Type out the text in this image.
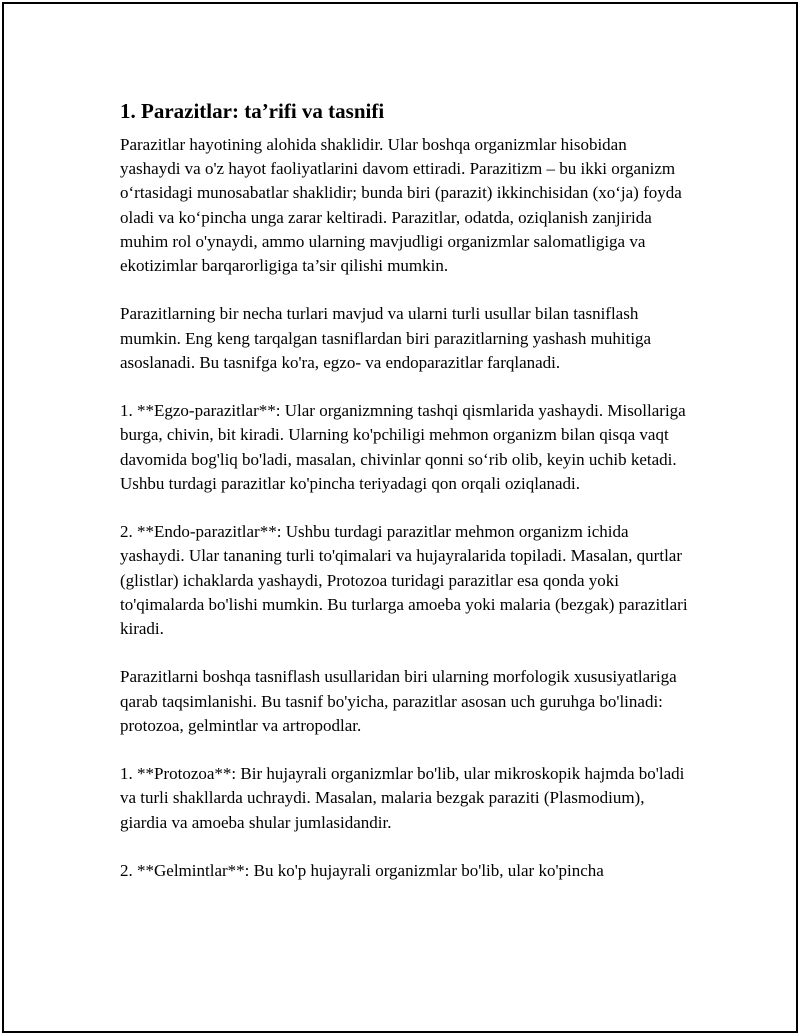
1. Parazitlar: ta’rifi va tasnifi

Parazitlar hayotining alohida shaklidir. Ular boshqa organizmlar hisobidan yashaydi va o'z hayot faoliyatlarini davom ettiradi. Parazitizm – bu ikki organizm o‘rtasidagi munosabatlar shaklidir; bunda biri (parazit) ikkinchisidan (xo‘ja) foyda oladi va ko‘pincha unga zarar keltiradi. Parazitlar, odatda, oziqlanish zanjirida muhim rol o'ynaydi, ammo ularning mavjudligi organizmlar salomatligiga va ekotizimlar barqarorligiga ta’sir qilishi mumkin.

Parazitlarning bir necha turlari mavjud va ularni turli usullar bilan tasniflash mumkin. Eng keng tarqalgan tasniflardan biri parazitlarning yashash muhitiga asoslanadi. Bu tasnifga ko'ra, egzo- va endoparazitlar farqlanadi.

1. **Egzo-parazitlar**: Ular organizmning tashqi qismlarida yashaydi. Misollariga burga, chivin, bit kiradi. Ularning ko'pchiligi mehmon organizm bilan qisqa vaqt davomida bog'liq bo'ladi, masalan, chivinlar qonni so‘rib olib, keyin uchib ketadi. Ushbu turdagi parazitlar ko'pincha teriyadagi qon orqali oziqlanadi.

2. **Endo-parazitlar**: Ushbu turdagi parazitlar mehmon organizm ichida yashaydi. Ular tananing turli to'qimalari va hujayralarida topiladi. Masalan, qurtlar (glistlar) ichaklarda yashaydi, Protozoa turidagi parazitlar esa qonda yoki to'qimalarda bo'lishi mumkin. Bu turlarga amoeba yoki malaria (bezgak) parazitlari kiradi.

Parazitlarni boshqa tasniflash usullaridan biri ularning morfologik xususiyatlariga qarab taqsimlanishi. Bu tasnif bo'yicha, parazitlar asosan uch guruhga bo'linadi: protozoa, gelmintlar va artropodlar.

1. **Protozoa**: Bir hujayrali organizmlar bo'lib, ular mikroskopik hajmda bo'ladi va turli shakllarda uchraydi. Masalan, malaria bezgak paraziti (Plasmodium), giardia va amoeba shular jumlasidandir.

2. **Gelmintlar**: Bu ko'p hujayrali organizmlar bo'lib, ular ko'pincha
